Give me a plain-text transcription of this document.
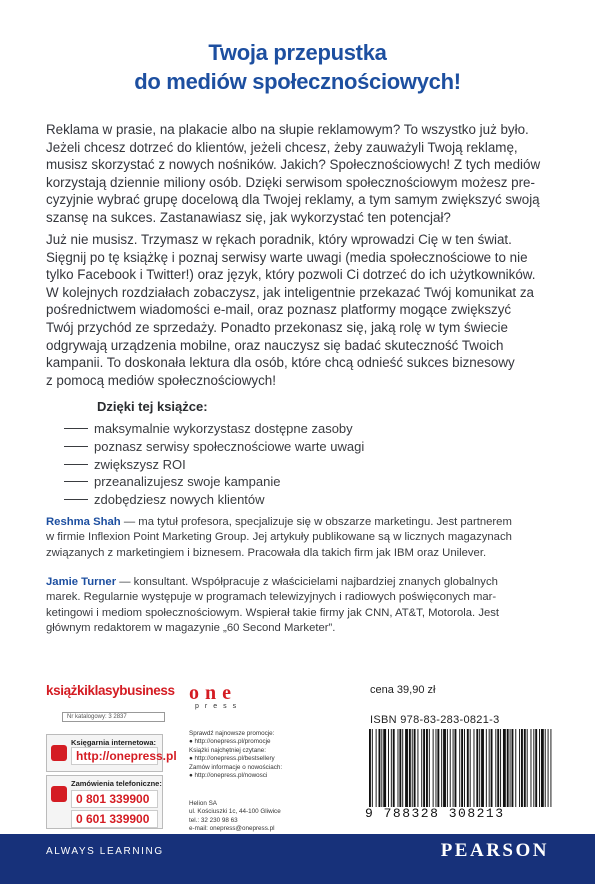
Twoja przepustka
do mediów społecznościowych!
Reklama w prasie, na plakacie albo na słupie reklamowym? To wszystko już było.
Jeżeli chcesz dotrzeć do klientów, jeżeli chcesz, żeby zauważyli Twoją reklamę,
musisz skorzystać z nowych nośników. Jakich? Społecznościowych! Z tych mediów
korzystają dziennie miliony osób. Dzięki serwisom społecznościowym możesz pre-
cyzyjnie wybrać grupę docelową dla Twojej reklamy, a tym samym zwiększyć swoją
szansę na sukces. Zastanawiasz się, jak wykorzystać ten potencjał?
Już nie musisz. Trzymasz w rękach poradnik, który wprowadzi Cię w ten świat.
Sięgnij po tę książkę i poznaj serwisy warte uwagi (media społecznościowe to nie
tylko Facebook i Twitter!) oraz język, który pozwoli Ci dotrzeć do ich użytkowników.
W kolejnych rozdziałach zobaczysz, jak inteligentnie przekazać Twój komunikat za
pośrednictwem wiadomości e-mail, oraz poznasz platformy mogące zwiększyć
Twój przychód ze sprzedaży. Ponadto przekonasz się, jaką rolę w tym świecie
odgrywają urządzenia mobilne, oraz nauczysz się badać skuteczność Twoich
kampanii. To doskonała lektura dla osób, które chcą odnieść sukces biznesowy
z pomocą mediów społecznościowych!
Dzięki tej książce:
maksymalnie wykorzystasz dostępne zasoby
poznasz serwisy społecznościowe warte uwagi
zwiększysz ROI
przeanalizujesz swoje kampanie
zdobędziesz nowych klientów
Reshma Shah — ma tytuł profesora, specjalizuje się w obszarze marketingu. Jest partnerem
w firmie Inflexion Point Marketing Group. Jej artykuły publikowane są w licznych magazynach
związanych z marketingiem i biznesem. Pracowała dla takich firm jak IBM oraz Unilever.
Jamie Turner — konsultant. Współpracuje z właścicielami najbardziej znanych globalnych
marek. Regularnie występuje w programach telewizyjnych i radiowych poświęconych mar-
ketingowi i mediom społecznościowym. Wspierał takie firmy jak CNN, AT&T, Motorola. Jest
głównym redaktorem w magazynie „60 Second Marketer”.
książkiklasybusiness
Nr katalogowy: 3 2837
Księgarnia internetowa:
http://onepress.pl
Zamówienia telefoniczne:
0 801 339900
0 601 339900
one
press
Sprawdź najnowsze promocje:
● http://onepress.pl/promocje
Książki najchętniej czytane:
● http://onepress.pl/bestsellery
Zamów informacje o nowościach:
● http://onepress.pl/nowosci
Helion SA
ul. Kościuszki 1c, 44-100 Gliwice
tel.: 32 230 98 63
e-mail: onepress@onepress.pl
cena 39,90 zł
ISBN 978-83-283-0821-3
9 788328 308213
ALWAYS LEARNING	PEARSON
